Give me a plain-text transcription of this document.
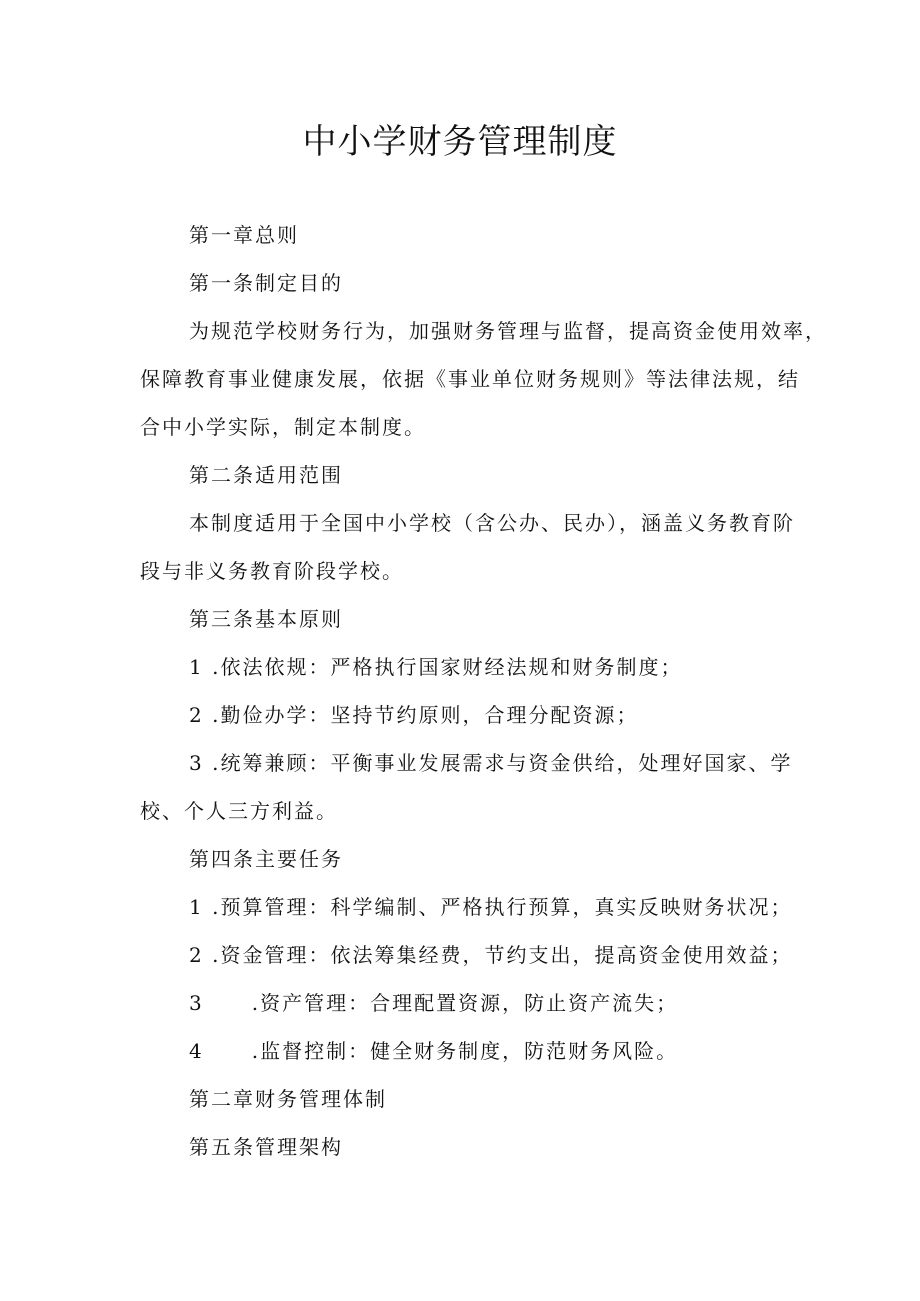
中小学财务管理制度
第一章总则
第一条制定目的
为规范学校财务行为，加强财务管理与监督，提高资金使用效率，
保障教育事业健康发展，依据《事业单位财务规则》等法律法规，结
合中小学实际，制定本制度。
第二条适用范围
本制度适用于全国中小学校（含公办、民办），涵盖义务教育阶
段与非义务教育阶段学校。
第三条基本原则
1 .依法依规：严格执行国家财经法规和财务制度；
2 .勤俭办学：坚持节约原则，合理分配资源；
3 .统筹兼顾：平衡事业发展需求与资金供给，处理好国家、学
校、个人三方利益。
第四条主要任务
1 .预算管理：科学编制、严格执行预算，真实反映财务状况；
2 .资金管理：依法筹集经费，节约支出，提高资金使用效益；
3 .资产管理：合理配置资源，防止资产流失；
4 .监督控制：健全财务制度，防范财务风险。
第二章财务管理体制
第五条管理架构
